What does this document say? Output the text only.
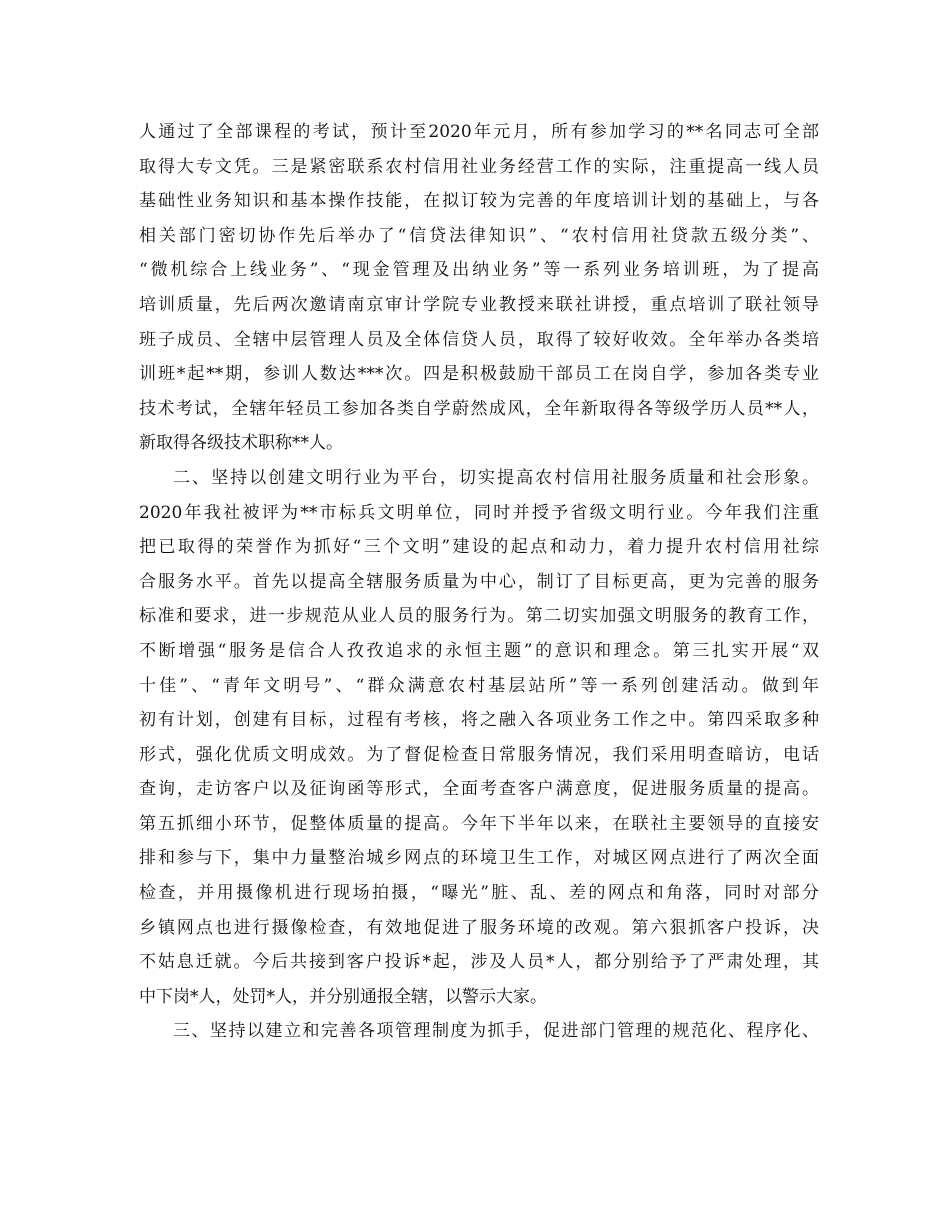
人通过了全部课程的考试，预计至2020年元月，所有参加学习的**名同志可全部
取得大专文凭。三是紧密联系农村信用社业务经营工作的实际，注重提高一线人员
基础性业务知识和基本操作技能，在拟订较为完善的年度培训计划的基础上，与各
相关部门密切协作先后举办了“信贷法律知识”、“农村信用社贷款五级分类”、
“微机综合上线业务”、“现金管理及出纳业务”等一系列业务培训班，为了提高
培训质量，先后两次邀请南京审计学院专业教授来联社讲授，重点培训了联社领导
班子成员、全辖中层管理人员及全体信贷人员，取得了较好收效。全年举办各类培
训班*起**期，参训人数达***次。四是积极鼓励干部员工在岗自学，参加各类专业
技术考试，全辖年轻员工参加各类自学蔚然成风，全年新取得各等级学历人员**人，
新取得各级技术职称**人。
二、坚持以创建文明行业为平台，切实提高农村信用社服务质量和社会形象。
2020年我社被评为**市标兵文明单位，同时并授予省级文明行业。今年我们注重
把已取得的荣誉作为抓好“三个文明”建设的起点和动力，着力提升农村信用社综
合服务水平。首先以提高全辖服务质量为中心，制订了目标更高，更为完善的服务
标准和要求，进一步规范从业人员的服务行为。第二切实加强文明服务的教育工作，
不断增强“服务是信合人孜孜追求的永恒主题”的意识和理念。第三扎实开展“双
十佳”、“青年文明号”、“群众满意农村基层站所”等一系列创建活动。做到年
初有计划，创建有目标，过程有考核，将之融入各项业务工作之中。第四采取多种
形式，强化优质文明成效。为了督促检查日常服务情况，我们采用明查暗访，电话
查询，走访客户以及征询函等形式，全面考查客户满意度，促进服务质量的提高。
第五抓细小环节，促整体质量的提高。今年下半年以来，在联社主要领导的直接安
排和参与下，集中力量整治城乡网点的环境卫生工作，对城区网点进行了两次全面
检查，并用摄像机进行现场拍摄，“曝光”脏、乱、差的网点和角落，同时对部分
乡镇网点也进行摄像检查，有效地促进了服务环境的改观。第六狠抓客户投诉，决
不姑息迁就。今后共接到客户投诉*起，涉及人员*人，都分别给予了严肃处理，其
中下岗*人，处罚*人，并分别通报全辖，以警示大家。
三、坚持以建立和完善各项管理制度为抓手，促进部门管理的规范化、程序化、
